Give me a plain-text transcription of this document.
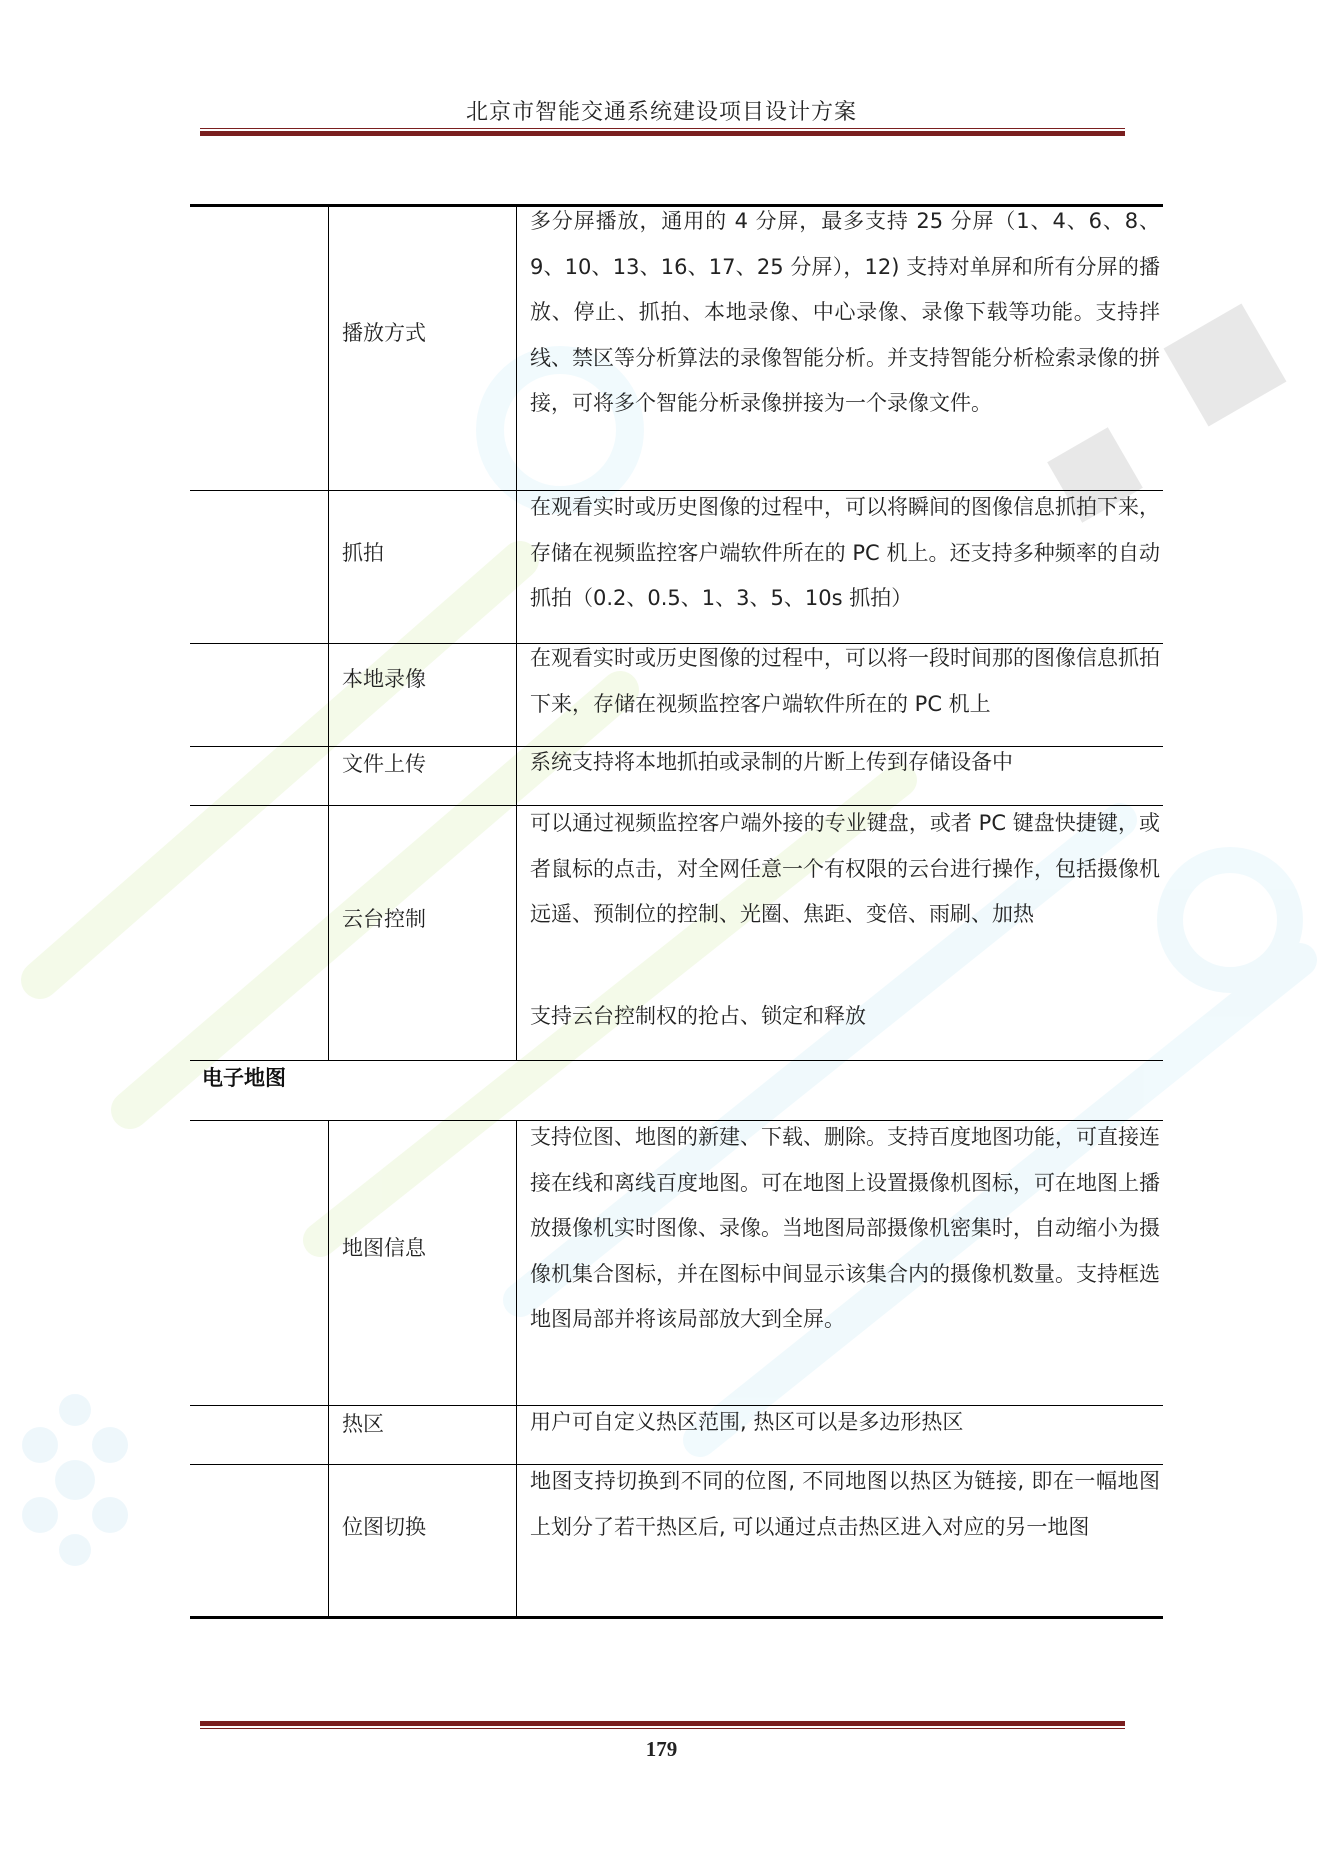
北京市智能交通系统建设项目设计方案
播放方式
多分屏播放，通用的 4 分屏，最多支持 25 分屏（1、4、6、8、9、10、13、16、17、25 分屏），12) 支持对单屏和所有分屏的播放、停止、抓拍、本地录像、中心录像、录像下载等功能。支持拌线、禁区等分析算法的录像智能分析。并支持智能分析检索录像的拼接，可将多个智能分析录像拼接为一个录像文件。
抓拍
在观看实时或历史图像的过程中，可以将瞬间的图像信息抓拍下来，存储在视频监控客户端软件所在的 PC 机上。还支持多种频率的自动抓拍（0.2、0.5、1、3、5、10s 抓拍）
本地录像
在观看实时或历史图像的过程中，可以将一段时间那的图像信息抓拍下来，存储在视频监控客户端软件所在的 PC 机上
文件上传	系统支持将本地抓拍或录制的片断上传到存储设备中
云台控制
可以通过视频监控客户端外接的专业键盘，或者 PC 键盘快捷键，或者鼠标的点击，对全网任意一个有权限的云台进行操作，包括摄像机远遥、预制位的控制、光圈、焦距、变倍、雨刷、加热
支持云台控制权的抢占、锁定和释放
电子地图
地图信息
支持位图、地图的新建、下载、删除。支持百度地图功能，可直接连接在线和离线百度地图。可在地图上设置摄像机图标，可在地图上播放摄像机实时图像、录像。当地图局部摄像机密集时，自动缩小为摄像机集合图标，并在图标中间显示该集合内的摄像机数量。支持框选地图局部并将该局部放大到全屏。
热区	用户可自定义热区范围, 热区可以是多边形热区
位图切换
地图支持切换到不同的位图, 不同地图以热区为链接, 即在一幅地图上划分了若干热区后, 可以通过点击热区进入对应的另一地图
179
